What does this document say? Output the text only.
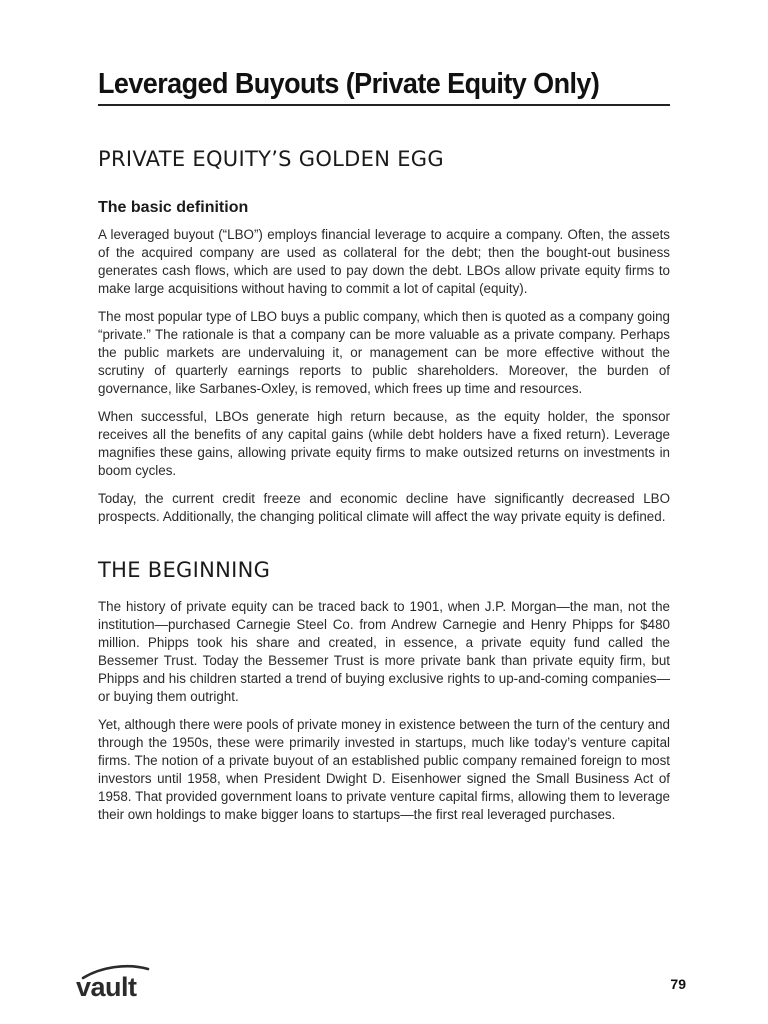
Leveraged Buyouts (Private Equity Only)
PRIVATE EQUITY’S GOLDEN EGG
The basic definition

A leveraged buyout (“LBO”) employs financial leverage to acquire a company. Often, the assets of the acquired company are used as collateral for the debt; then the bought-out business generates cash flows, which are used to pay down the debt. LBOs allow private equity firms to make large acquisitions without having to commit a lot of capital (equity).

The most popular type of LBO buys a public company, which then is quoted as a company going “private.” The rationale is that a company can be more valuable as a private company. Perhaps the public markets are undervaluing it, or management can be more effective without the scrutiny of quarterly earnings reports to public shareholders. Moreover, the burden of governance, like Sarbanes-Oxley, is removed, which frees up time and resources.

When successful, LBOs generate high return because, as the equity holder, the sponsor receives all the benefits of any capital gains (while debt holders have a fixed return). Leverage magnifies these gains, allowing private equity firms to make outsized returns on investments in boom cycles.

Today, the current credit freeze and economic decline have significantly decreased LBO prospects. Additionally, the changing political climate will affect the way private equity is defined.

THE BEGINNING

The history of private equity can be traced back to 1901, when J.P. Morgan—the man, not the institution—purchased Carnegie Steel Co. from Andrew Carnegie and Henry Phipps for $480 million. Phipps took his share and created, in essence, a private equity fund called the Bessemer Trust. Today the Bessemer Trust is more private bank than private equity firm, but Phipps and his children started a trend of buying exclusive rights to up-and-coming companies—or buying them outright.

Yet, although there were pools of private money in existence between the turn of the century and through the 1950s, these were primarily invested in startups, much like today’s venture capital firms. The notion of a private buyout of an established public company remained foreign to most investors until 1958, when President Dwight D. Eisenhower signed the Small Business Act of 1958. That provided government loans to private venture capital firms, allowing them to leverage their own holdings to make bigger loans to startups—the first real leveraged purchases.

vault	79
